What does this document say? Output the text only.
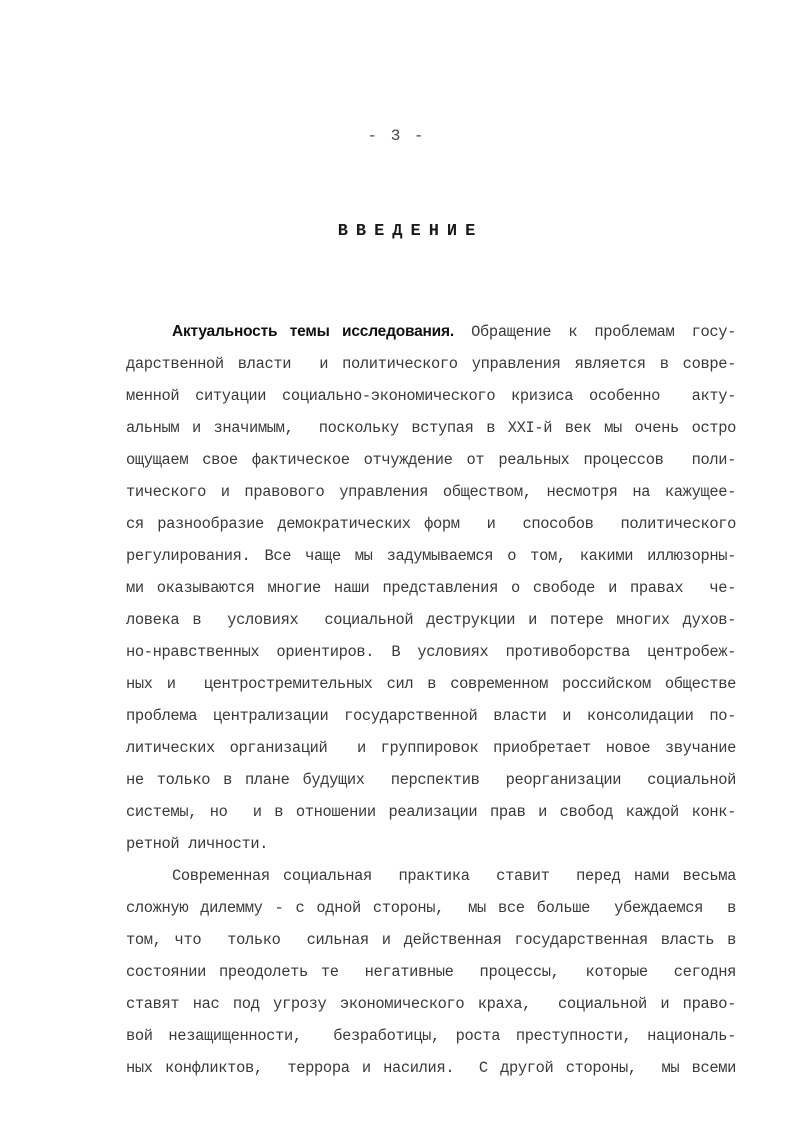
- 3 -
ВВЕДЕНИЕ
Актуальность темы исследования. Обращение к проблемам госу-
дарственной власти  и политического управления является в совре-
менной ситуации социально-экономического кризиса особенно  акту-
альным и значимым,  поскольку вступая в XXI-й век мы очень остро
ощущаем свое фактическое отчуждение от реальных процессов  поли-
тического и правового управления обществом, несмотря на кажущее-
ся разнообразие демократических форм  и  способов  политического
регулирования. Все чаще мы задумываемся о том, какими иллюзорны-
ми оказываются многие наши представления о свободе и правах  че-
ловека в  условиях  социальной деструкции и потере многих духов-
но-нравственных ориентиров. В условиях противоборства центробеж-
ных и  центростремительных сил в современном российском обществе
проблема централизации государственной власти и консолидации по-
литических организаций  и группировок приобретает новое звучание
не только в плане будущих  перспектив  реорганизации  социальной
системы, но  и в отношении реализации прав и свобод каждой конк-
ретной личности.
Современная социальная  практика  ставит  перед нами весьма
сложную дилемму - с одной стороны,  мы все больше  убеждаемся  в
том, что  только  сильная и действенная государственная власть в
состоянии преодолеть те  негативные  процессы,  которые  сегодня
ставят нас под угрозу экономического краха,  социальной и право-
вой незащищенности,  безработицы, роста преступности, националь-
ных конфликтов,  террора и насилия.  С другой стороны,  мы всеми
